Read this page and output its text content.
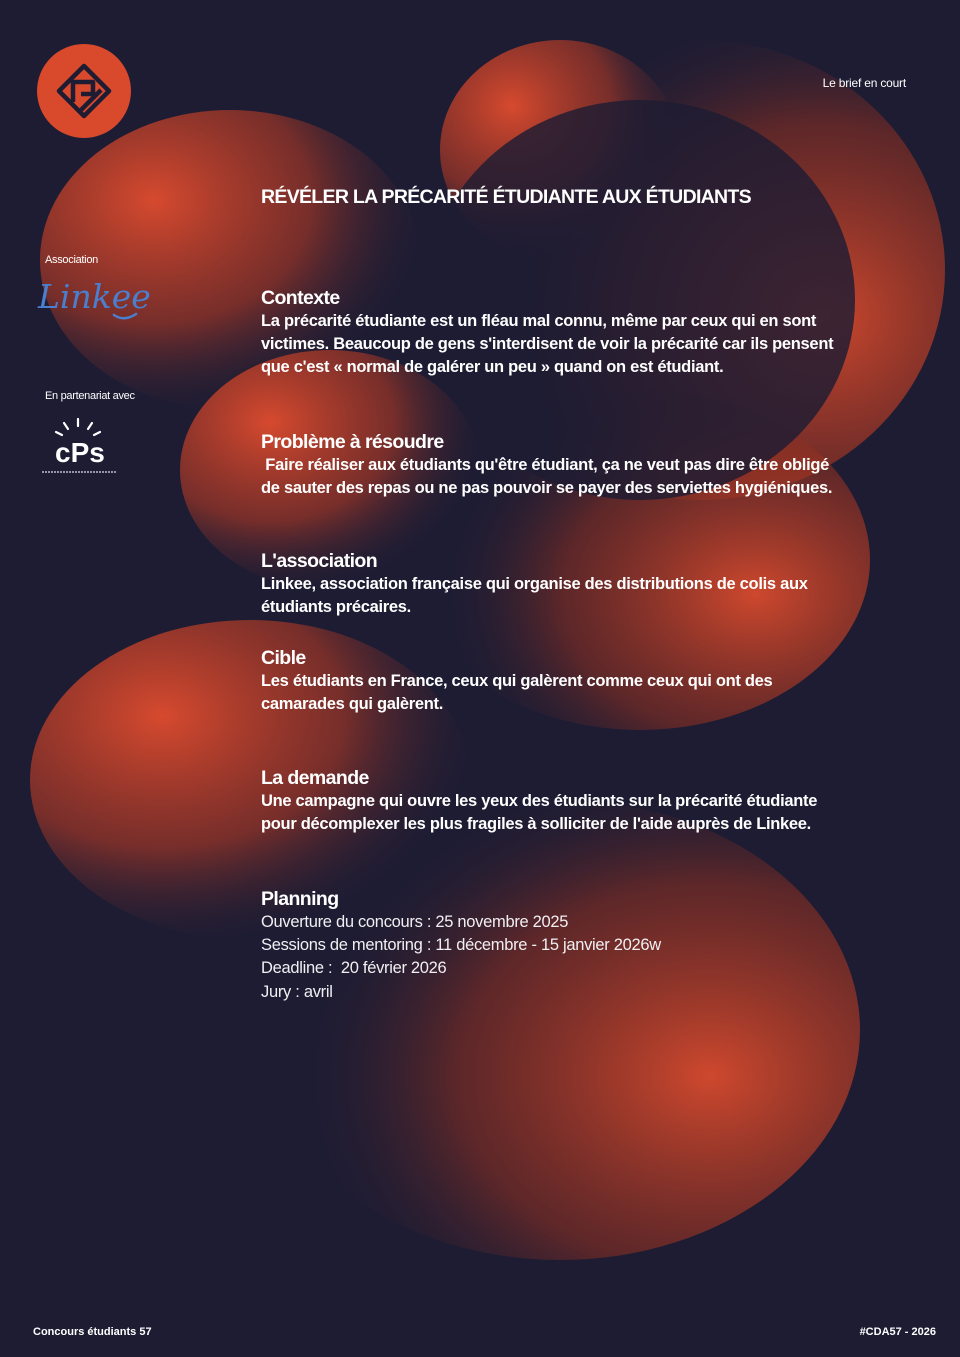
Le brief en court
RÉVÉLER LA PRÉCARITÉ ÉTUDIANTE AUX ÉTUDIANTS
Association
Linkee
En partenariat avec
cPs
Contexte

La précarité étudiante est un fléau mal connu, même par ceux qui en sont victimes. Beaucoup de gens s'interdisent de voir la précarité car ils pensent que c'est « normal de galérer un peu » quand on est étudiant.

Problème à résoudre

Faire réaliser aux étudiants qu'être étudiant, ça ne veut pas dire être obligé de sauter des repas ou ne pas pouvoir se payer des serviettes hygiéniques.

L'association

Linkee, association française qui organise des distributions de colis aux étudiants précaires.

Cible

Les étudiants en France, ceux qui galèrent comme ceux qui ont des camarades qui galèrent.

La demande

Une campagne qui ouvre les yeux des étudiants sur la précarité étudiante pour décomplexer les plus fragiles à solliciter de l'aide auprès de Linkee.

Planning
Ouverture du concours : 25 novembre 2025
Sessions de mentoring : 11 décembre - 15 janvier 2026w
Deadline :  20 février 2026
Jury : avril
Concours étudiants 57	#CDA57 - 2026
